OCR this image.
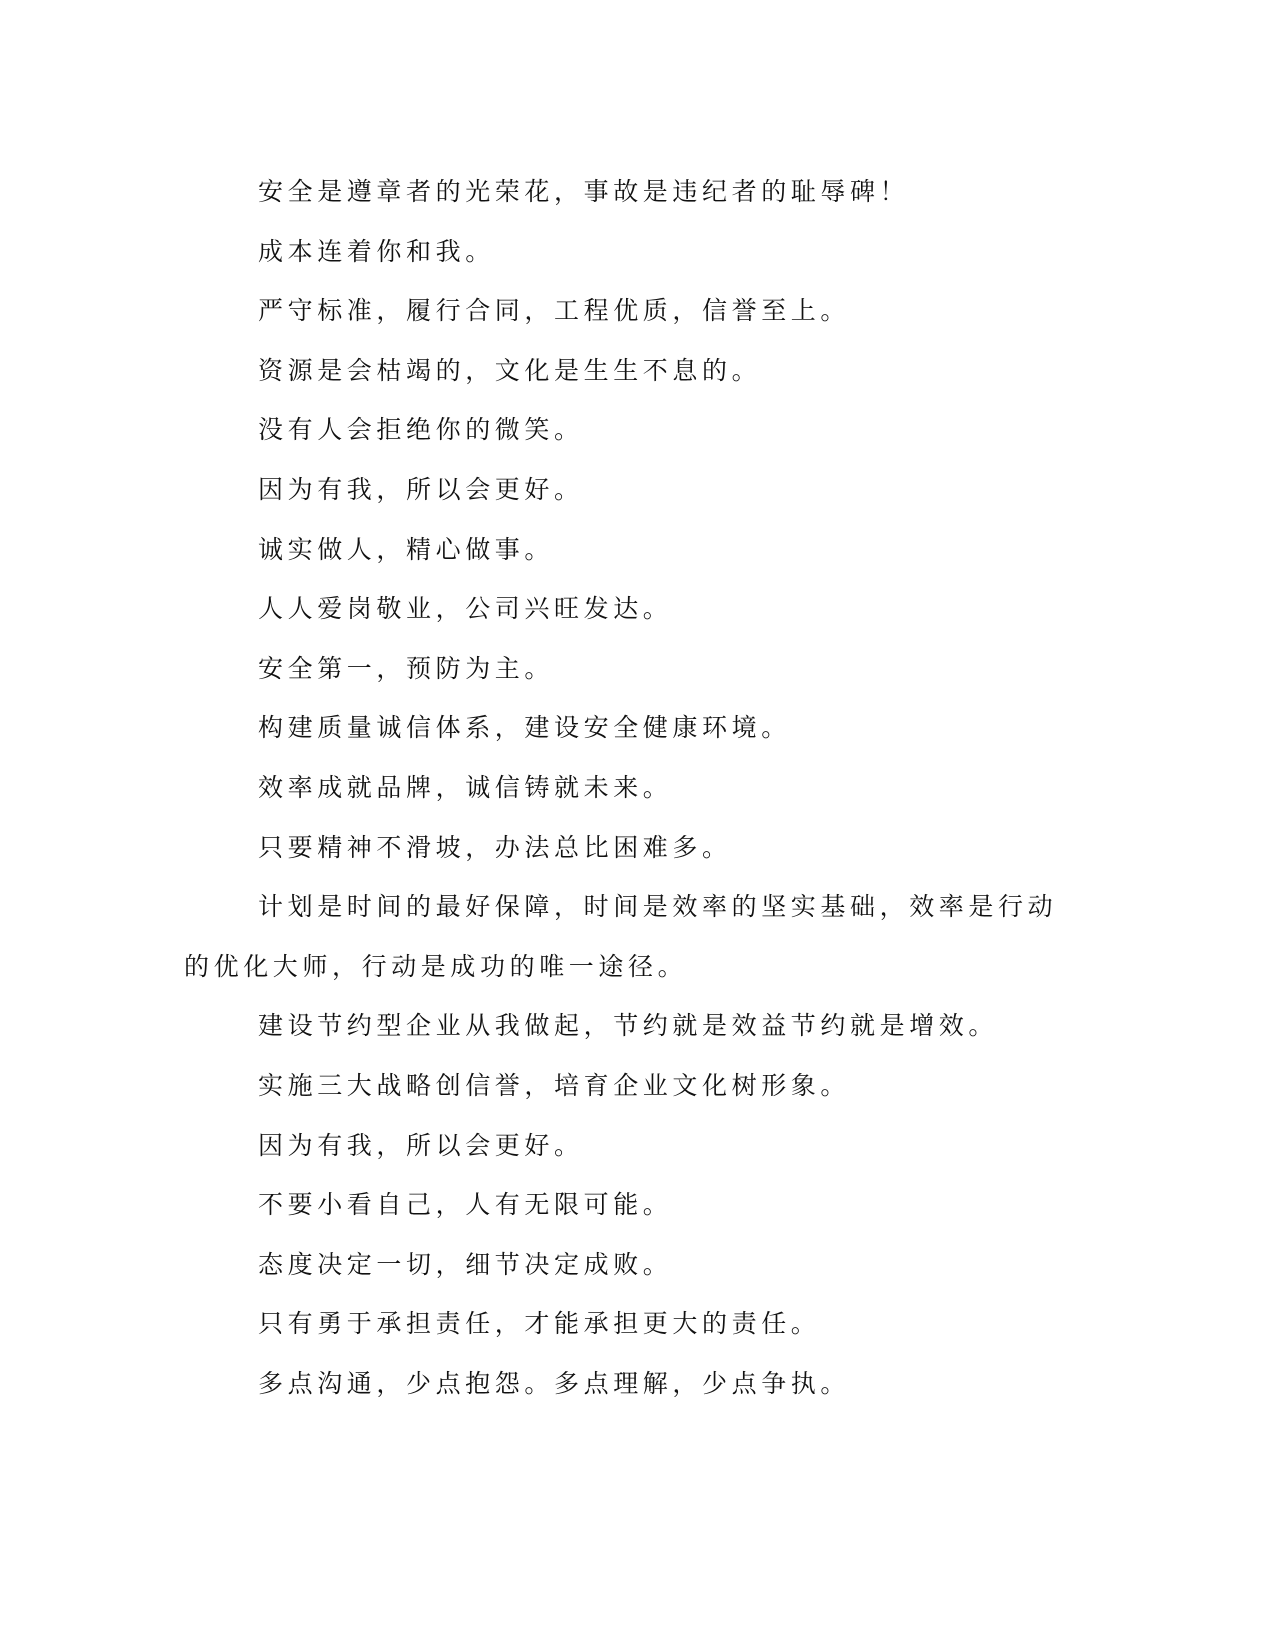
安全是遵章者的光荣花，事故是违纪者的耻辱碑！

成本连着你和我。

严守标准，履行合同，工程优质，信誉至上。

资源是会枯竭的，文化是生生不息的。

没有人会拒绝你的微笑。

因为有我，所以会更好。

诚实做人，精心做事。

人人爱岗敬业，公司兴旺发达。

安全第一，预防为主。

构建质量诚信体系，建设安全健康环境。

效率成就品牌，诚信铸就未来。

只要精神不滑坡，办法总比困难多。

计划是时间的最好保障，时间是效率的坚实基础，效率是行动的优化大师，行动是成功的唯一途径。

建设节约型企业从我做起，节约就是效益节约就是增效。

实施三大战略创信誉，培育企业文化树形象。

因为有我，所以会更好。

不要小看自己，人有无限可能。

态度决定一切，细节决定成败。

只有勇于承担责任，才能承担更大的责任。

多点沟通，少点抱怨。多点理解，少点争执。
